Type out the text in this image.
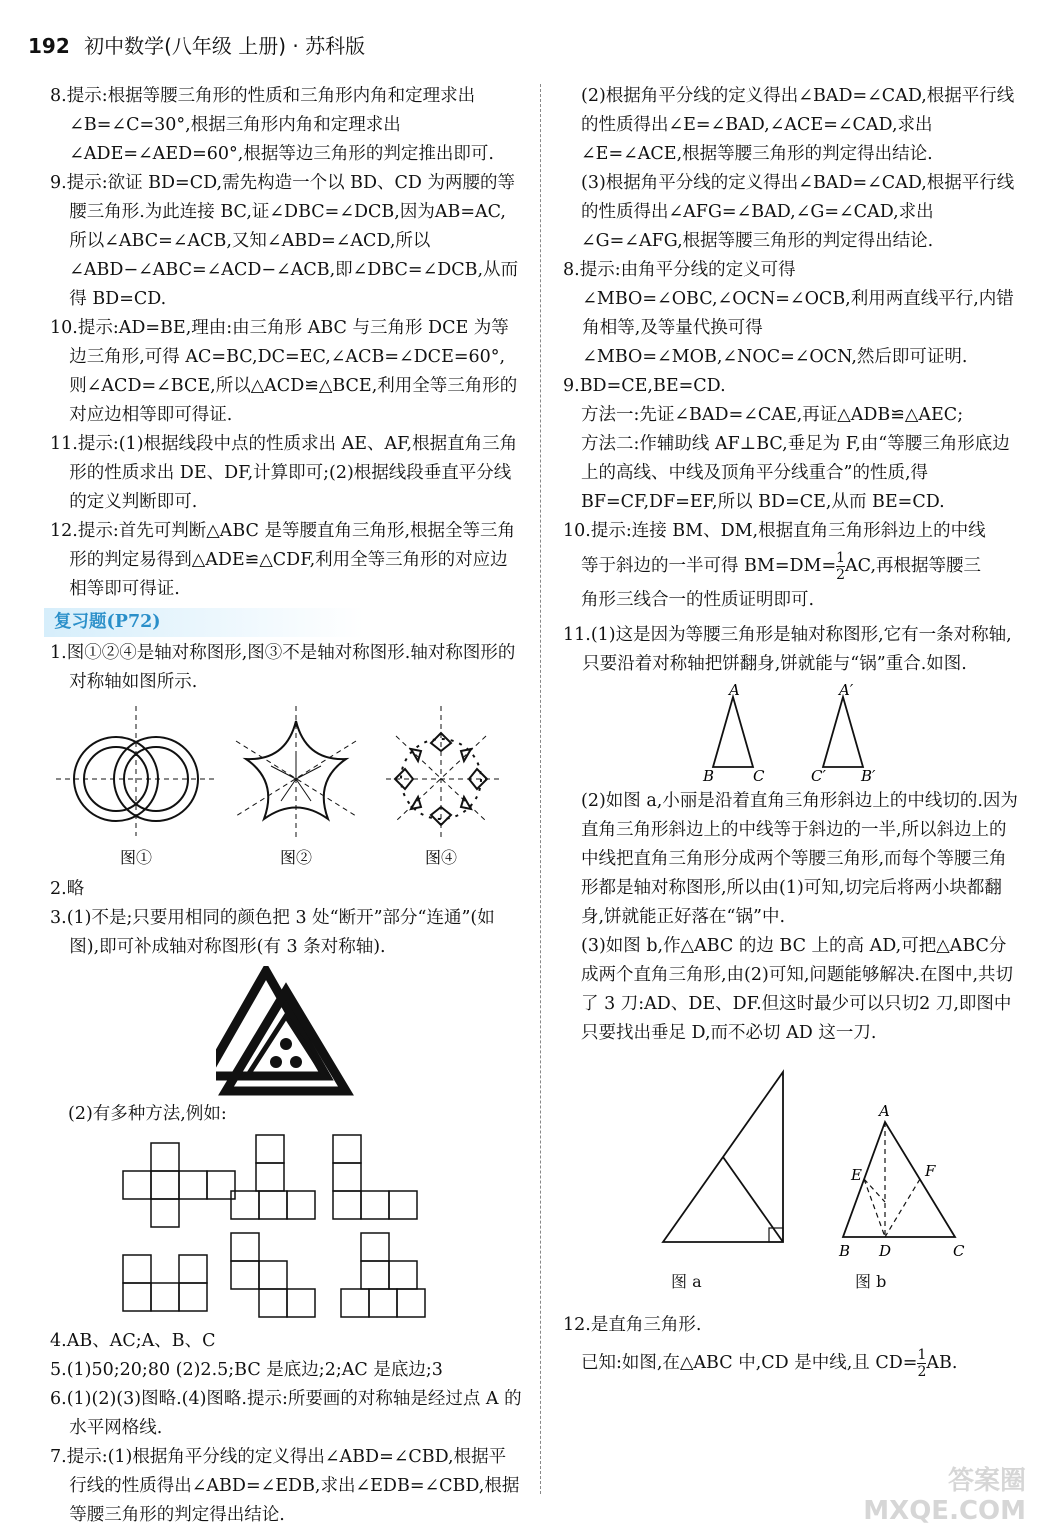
192 初中数学(八年级 上册) · 苏科版

8.提示:根据等腰三角形的性质和三角形内角和定理求出∠B=∠C=30°,根据三角形内角和定理求出∠ADE=∠AED=60°,根据等边三角形的判定推出即可.

9.提示:欲证 BD=CD,需先构造一个以 BD、CD 为两腰的等腰三角形.为此连接 BC,证∠DBC=∠DCB,因为AB=AC,所以∠ABC=∠ACB,又知∠ABD=∠ACD,所以∠ABD−∠ABC=∠ACD−∠ACB,即∠DBC=∠DCB,从而得 BD=CD.

10.提示:AD=BE,理由:由三角形 ABC 与三角形 DCE 为等边三角形,可得 AC=BC,DC=EC,∠ACB=∠DCE=60°,则∠ACD=∠BCE,所以△ACD≌△BCE,利用全等三角形的对应边相等即可得证.

11.提示:(1)根据线段中点的性质求出 AE、AF,根据直角三角形的性质求出 DE、DF,计算即可;(2)根据线段垂直平分线的定义判断即可.

12.提示:首先可判断△ABC 是等腰直角三角形,根据全等三角形的判定易得到△ADE≌△CDF,利用全等三角形的对应边相等即可得证.

复习题(P72)

1.图①②④是轴对称图形,图③不是轴对称图形.轴对称图形的对称轴如图所示.

图①	图②	图④

2.略

3.(1)不是;只要用相同的颜色把 3 处“断开”部分“连通”(如图),即可补成轴对称图形(有 3 条对称轴).

(2)有多种方法,例如:

4.AB、AC;A、B、C

5.(1)50;20;80 (2)2.5;BC 是底边;2;AC 是底边;3

6.(1)(2)(3)图略.(4)图略.提示:所要画的对称轴是经过点 A 的水平网格线.

7.提示:(1)根据角平分线的定义得出∠ABD=∠CBD,根据平行线的性质得出∠ABD=∠EDB,求出∠EDB=∠CBD,根据等腰三角形的判定得出结论.

(2)根据角平分线的定义得出∠BAD=∠CAD,根据平行线的性质得出∠E=∠BAD,∠ACE=∠CAD,求出∠E=∠ACE,根据等腰三角形的判定得出结论.

(3)根据角平分线的定义得出∠BAD=∠CAD,根据平行线的性质得出∠AFG=∠BAD,∠G=∠CAD,求出∠G=∠AFG,根据等腰三角形的判定得出结论.

8.提示:由角平分线的定义可得∠MBO=∠OBC,∠OCN=∠OCB,利用两直线平行,内错角相等,及等量代换可得∠MBO=∠MOB,∠NOC=∠OCN,然后即可证明.

9.BD=CE,BE=CD.

方法一:先证∠BAD=∠CAE,再证△ADB≌△AEC;

方法二:作辅助线 AF⊥BC,垂足为 F,由“等腰三角形底边上的高线、中线及顶角平分线重合”的性质,得BF=CF,DF=EF,所以 BD=CE,从而 BE=CD.

10.提示:连接 BM、DM,根据直角三角形斜边上的中线

等于斜边的一半可得 $BM=DM= \frac{1}{2}$ AC,再根据等腰三

角形三线合一的性质证明即可.

11.(1)这是因为等腰三角形是轴对称图形,它有一条对称轴,只要沿着对称轴把饼翻身,饼就能与“锅”重合.如图.

A
B	C
A′
C′ B′

(2)如图 a,小丽是沿着直角三角形斜边上的中线切的.因为直角三角形斜边上的中线等于斜边的一半,所以斜边上的中线把直角三角形分成两个等腰三角形,而每个等腰三角形都是轴对称图形,所以由(1)可知,切完后将两小块都翻身,饼就能正好落在“锅”中.

(3)如图 b,作△ABC 的边 BC 上的高 AD,可把△ABC分成两个直角三角形,由(2)可知,问题能够解决.在图中,共切了 3 刀:AD、DE、DF.但这时最少可以只切2 刀,即图中只要找出垂足 D,而不必切 AD 这一刀.

A
E	F
B D	C
图 a	图 b

12.是直角三角形.

已知:如图,在△ABC 中,CD 是中线,且 $CD= \frac{1}{2}$ AB.

答案圈
MXQE.COM
